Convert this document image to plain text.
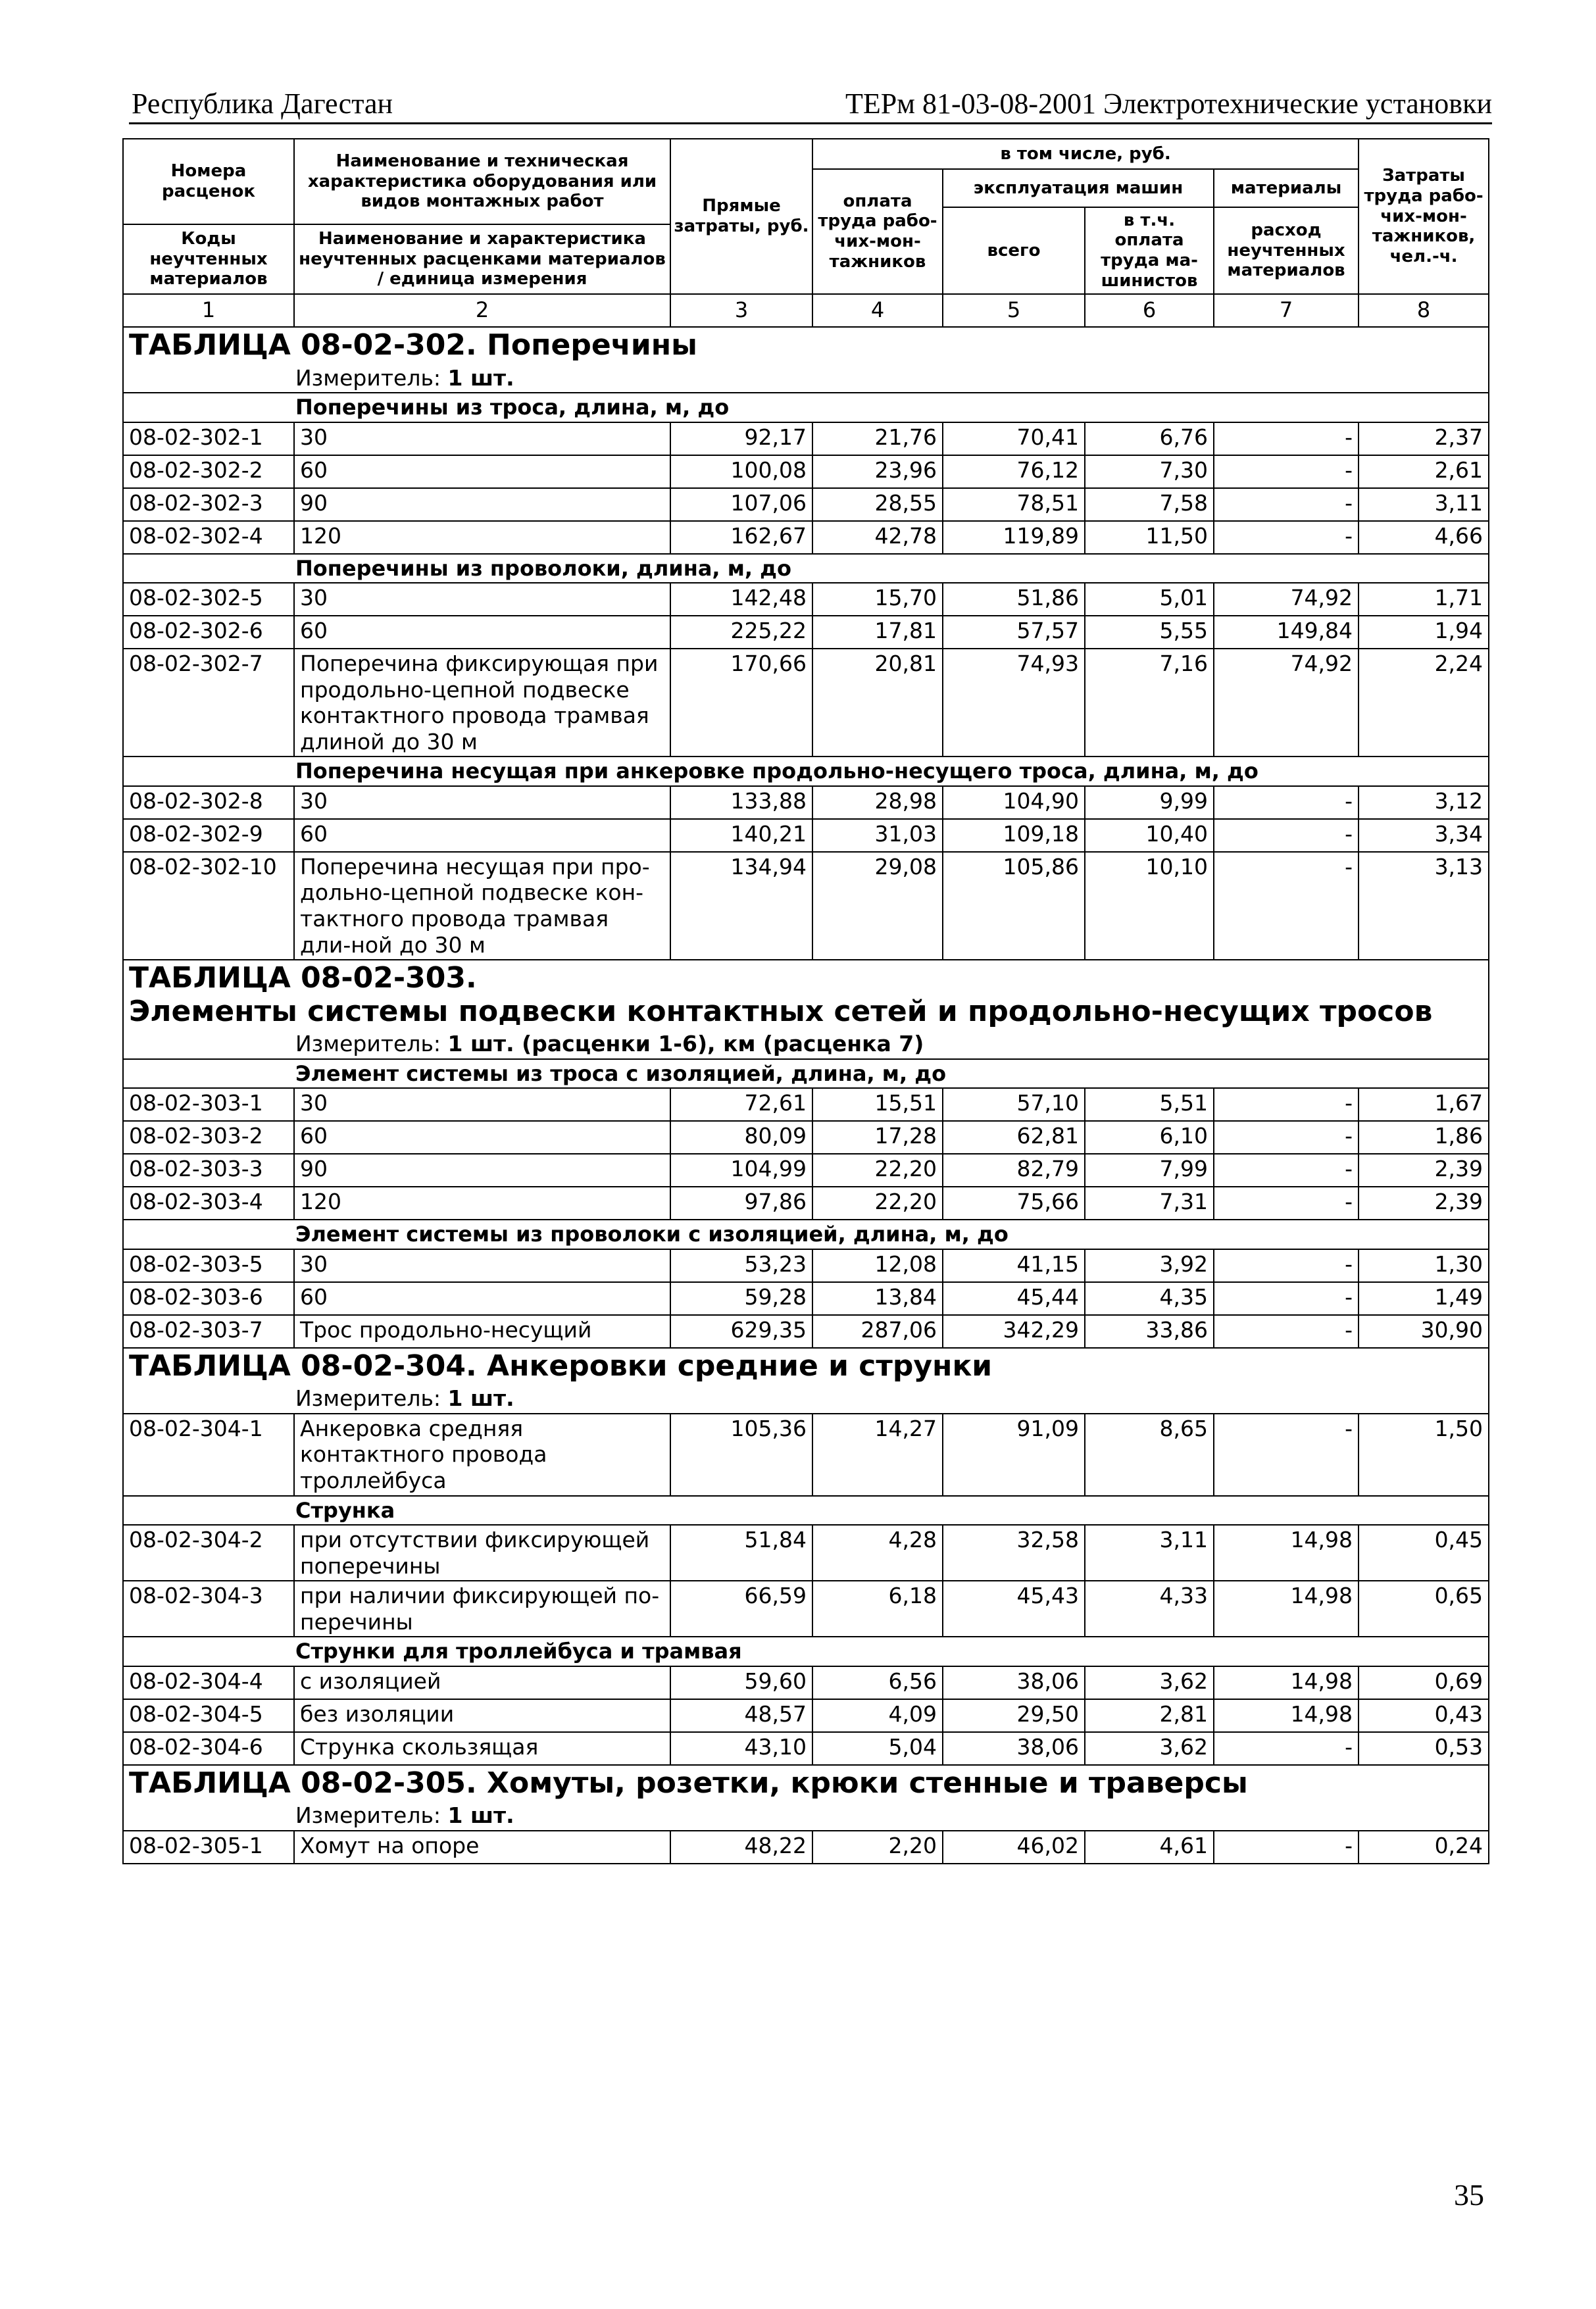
Республика Дагестан	ТЕРм 81-03-08-2001 Электротехнические установки
Номера расценок	Наименование и техническая характеристика оборудования или видов монтажных работ	Прямые затраты, руб.	в том числе, руб.				Затраты труда рабо-чих-мон-тажников, чел.-ч.
			оплата труда рабо-чих-мон-тажников	эксплуатация машин		материалы	
				всего	в т.ч. оплата труда ма-шинистов	расход неучтенных материалов	
Коды неучтенных материалов	Наименование и характеристика неучтенных расценками материалов / единица измерения						

1	2	3	4	5	6	7	8
ТАБЛИЦА 08-02-302. Поперечины							

Измеритель: 1 шт.							

Поперечины из троса, длина, м, до							

08-02-302-1	30	92,17	21,76	70,41	6,76	-	2,37
08-02-302-2	60	100,08	23,96	76,12	7,30	-	2,61
08-02-302-3	90	107,06	28,55	78,51	7,58	-	3,11
08-02-302-4	120	162,67	42,78	119,89	11,50	-	4,66

Поперечины из проволоки, длина, м, до							

08-02-302-5	30	142,48	15,70	51,86	5,01	74,92	1,71
08-02-302-6	60	225,22	17,81	57,57	5,55	149,84	1,94
08-02-302-7	Поперечина фиксирующая при продольно-цепной подвеске контактного провода трамвая длиной до 30 м	170,66	20,81	74,93	7,16	74,92	2,24

Поперечина несущая при анкеровке продольно-несущего троса, длина, м, до							

08-02-302-8	30	133,88	28,98	104,90	9,99	-	3,12
08-02-302-9	60	140,21	31,03	109,18	10,40	-	3,34
08-02-302-10	Поперечина несущая при про-дольно-цепной подвеске кон-тактного провода трамвая дли-ной до 30 м	134,94	29,08	105,86	10,10	-	3,13
ТАБЛИЦА 08-02-303. Элементы системы подвески контактных сетей и продольно-несущих тросов							

Измеритель: 1 шт. (расценки 1-6), км (расценка 7)							

Элемент системы из троса с изоляцией, длина, м, до							

08-02-303-1	30	72,61	15,51	57,10	5,51	-	1,67
08-02-303-2	60	80,09	17,28	62,81	6,10	-	1,86
08-02-303-3	90	104,99	22,20	82,79	7,99	-	2,39
08-02-303-4	120	97,86	22,20	75,66	7,31	-	2,39

Элемент системы из проволоки с изоляцией, длина, м, до							

08-02-303-5	30	53,23	12,08	41,15	3,92	-	1,30
08-02-303-6	60	59,28	13,84	45,44	4,35	-	1,49
08-02-303-7	Трос продольно-несущий	629,35	287,06	342,29	33,86	-	30,90
ТАБЛИЦА 08-02-304. Анкеровки средние и струнки							

Измеритель: 1 шт.							

08-02-304-1	Анкеровка средняя контактного провода троллейбуса	105,36	14,27	91,09	8,65	-	1,50

Струнка							

08-02-304-2	при отсутствии фиксирующей поперечины	51,84	4,28	32,58	3,11	14,98	0,45
08-02-304-3	при наличии фиксирующей по-перечины	66,59	6,18	45,43	4,33	14,98	0,65

Струнки для троллейбуса и трамвая							

08-02-304-4	с изоляцией	59,60	6,56	38,06	3,62	14,98	0,69
08-02-304-5	без изоляции	48,57	4,09	29,50	2,81	14,98	0,43
08-02-304-6	Струнка скользящая	43,10	5,04	38,06	3,62	-	0,53
ТАБЛИЦА 08-02-305. Хомуты, розетки, крюки стенные и траверсы							

Измеритель: 1 шт.							

08-02-305-1	Хомут на опоре	48,22	2,20	46,02	4,61	-	0,24
35
